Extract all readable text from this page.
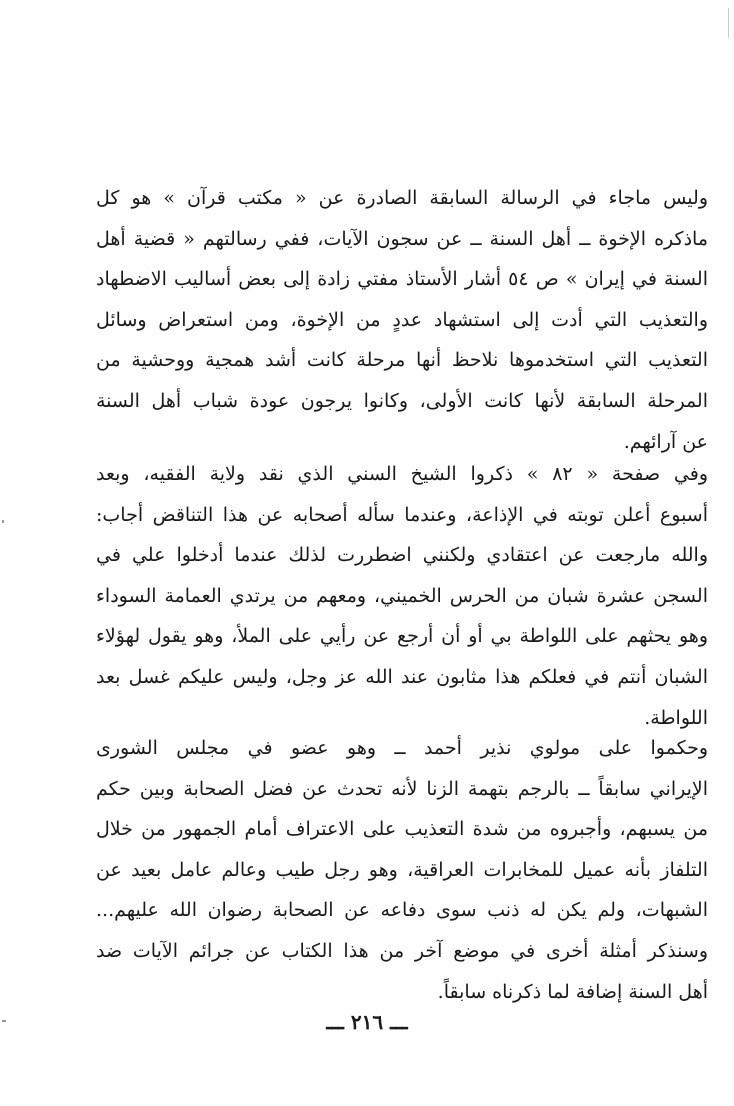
وليس ماجاء في الرسالة السابقة الصادرة عن « مكتب قرآن » هو كل
ماذكره الإخوة ــ أهل السنة ــ عن سجون الآيات، ففي رسالتهم « قضية أهل
السنة في إيران » ص ٥٤ أشار الأستاذ مفتي زادة إلى بعض أساليب الاضطهاد
والتعذيب التي أدت إلى استشهاد عددٍ من الإخوة، ومن استعراض وسائل
التعذيب التي استخدموها نلاحظ أنها مرحلة كانت أشد همجية ووحشية من
المرحلة السابقة لأنها كانت الأولى، وكانوا يرجون عودة شباب أهل السنة
عن آرائهم.
وفي صفحة « ٨٢ » ذكروا الشيخ السني الذي نقد ولاية الفقيه، وبعد
أسبوع أعلن توبته في الإذاعة، وعندما سأله أصحابه عن هذا التناقض أجاب:
والله مارجعت عن اعتقادي ولكنني اضطررت لذلك عندما أدخلوا علي في
السجن عشرة شبان من الحرس الخميني، ومعهم من يرتدي العمامة السوداء
وهو يحثهم على اللواطة بي أو أن أرجع عن رأيي على الملأ، وهو يقول لهؤلاء
الشبان أنتم في فعلكم هذا مثابون عند الله عز وجل، وليس عليكم غسل بعد
اللواطة.
وحكموا على مولوي نذير أحمد ــ وهو عضو في مجلس الشورى
الإيراني سابقاً ــ بالرجم بتهمة الزنا لأنه تحدث عن فضل الصحابة وبين حكم
من يسبهم، وأجبروه من شدة التعذيب على الاعتراف أمام الجمهور من خلال
التلفاز بأنه عميل للمخابرات العراقية، وهو رجل طيب وعالم عامل بعيد عن
الشبهات، ولم يكن له ذنب سوى دفاعه عن الصحابة رضوان الله عليهم...
وسنذكر أمثلة أخرى في موضع آخر من هذا الكتاب عن جرائم الآيات ضد
أهل السنة إضافة لما ذكرناه سابقاً.
ـــ ٢١٦ ـــ
